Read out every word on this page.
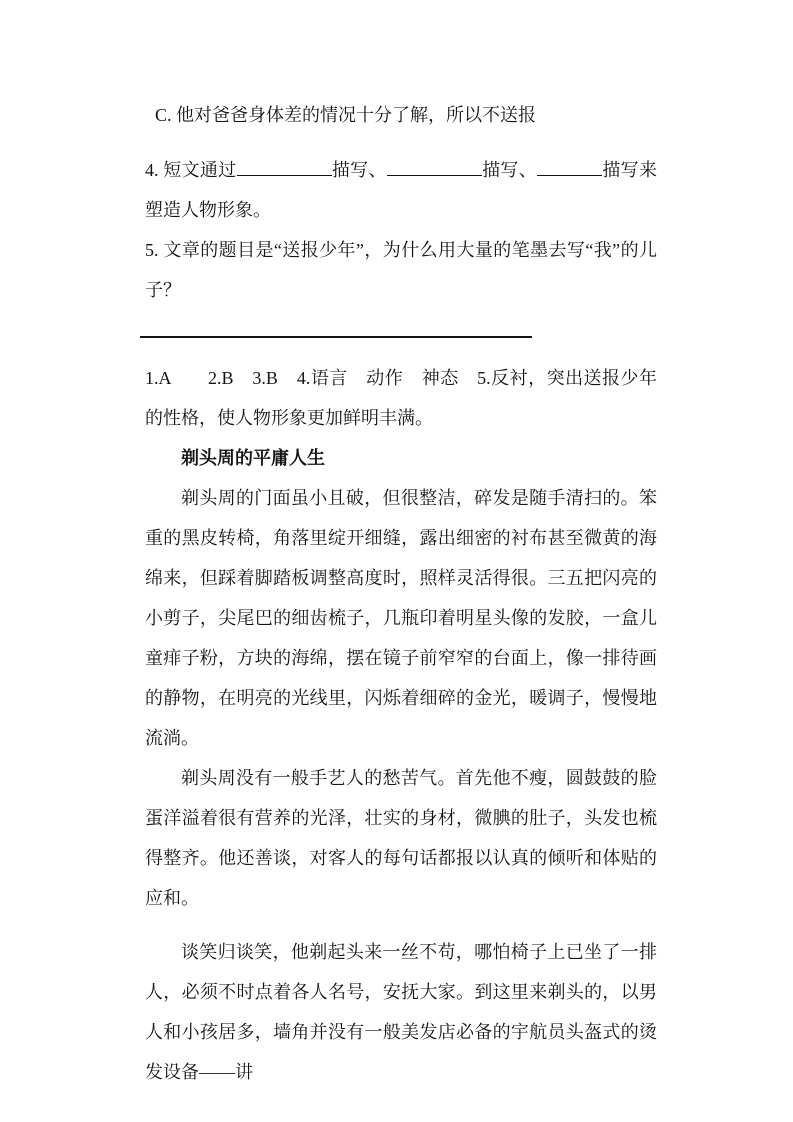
C. 他对爸爸身体差的情况十分了解，所以不送报

4. 短文通过	描写、	描写、	描写来塑造人物形象。

5. 文章的题目是“送报少年”，为什么用大量的笔墨去写“我”的儿子？

1.A　　2.B　3.B　4.语言　动作　神态　5.反衬，突出送报少年的性格，使人物形象更加鲜明丰满。

剃头周的平庸人生

剃头周的门面虽小且破，但很整洁，碎发是随手清扫的。笨重的黑皮转椅，角落里绽开细缝，露出细密的衬布甚至微黄的海绵来，但踩着脚踏板调整高度时，照样灵活得很。三五把闪亮的小剪子，尖尾巴的细齿梳子，几瓶印着明星头像的发胶，一盒儿童痱子粉，方块的海绵，摆在镜子前窄窄的台面上，像一排待画的静物，在明亮的光线里，闪烁着细碎的金光，暖调子，慢慢地流淌。

剃头周没有一般手艺人的愁苦气。首先他不瘦，圆鼓鼓的脸蛋洋溢着很有营养的光泽，壮实的身材，微腆的肚子，头发也梳得整齐。他还善谈，对客人的每句话都报以认真的倾听和体贴的应和。

谈笑归谈笑，他剃起头来一丝不苟，哪怕椅子上已坐了一排人，必须不时点着各人名号，安抚大家。到这里来剃头的，以男人和小孩居多，墙角并没有一般美发店必备的宇航员头盔式的烫发设备——讲
